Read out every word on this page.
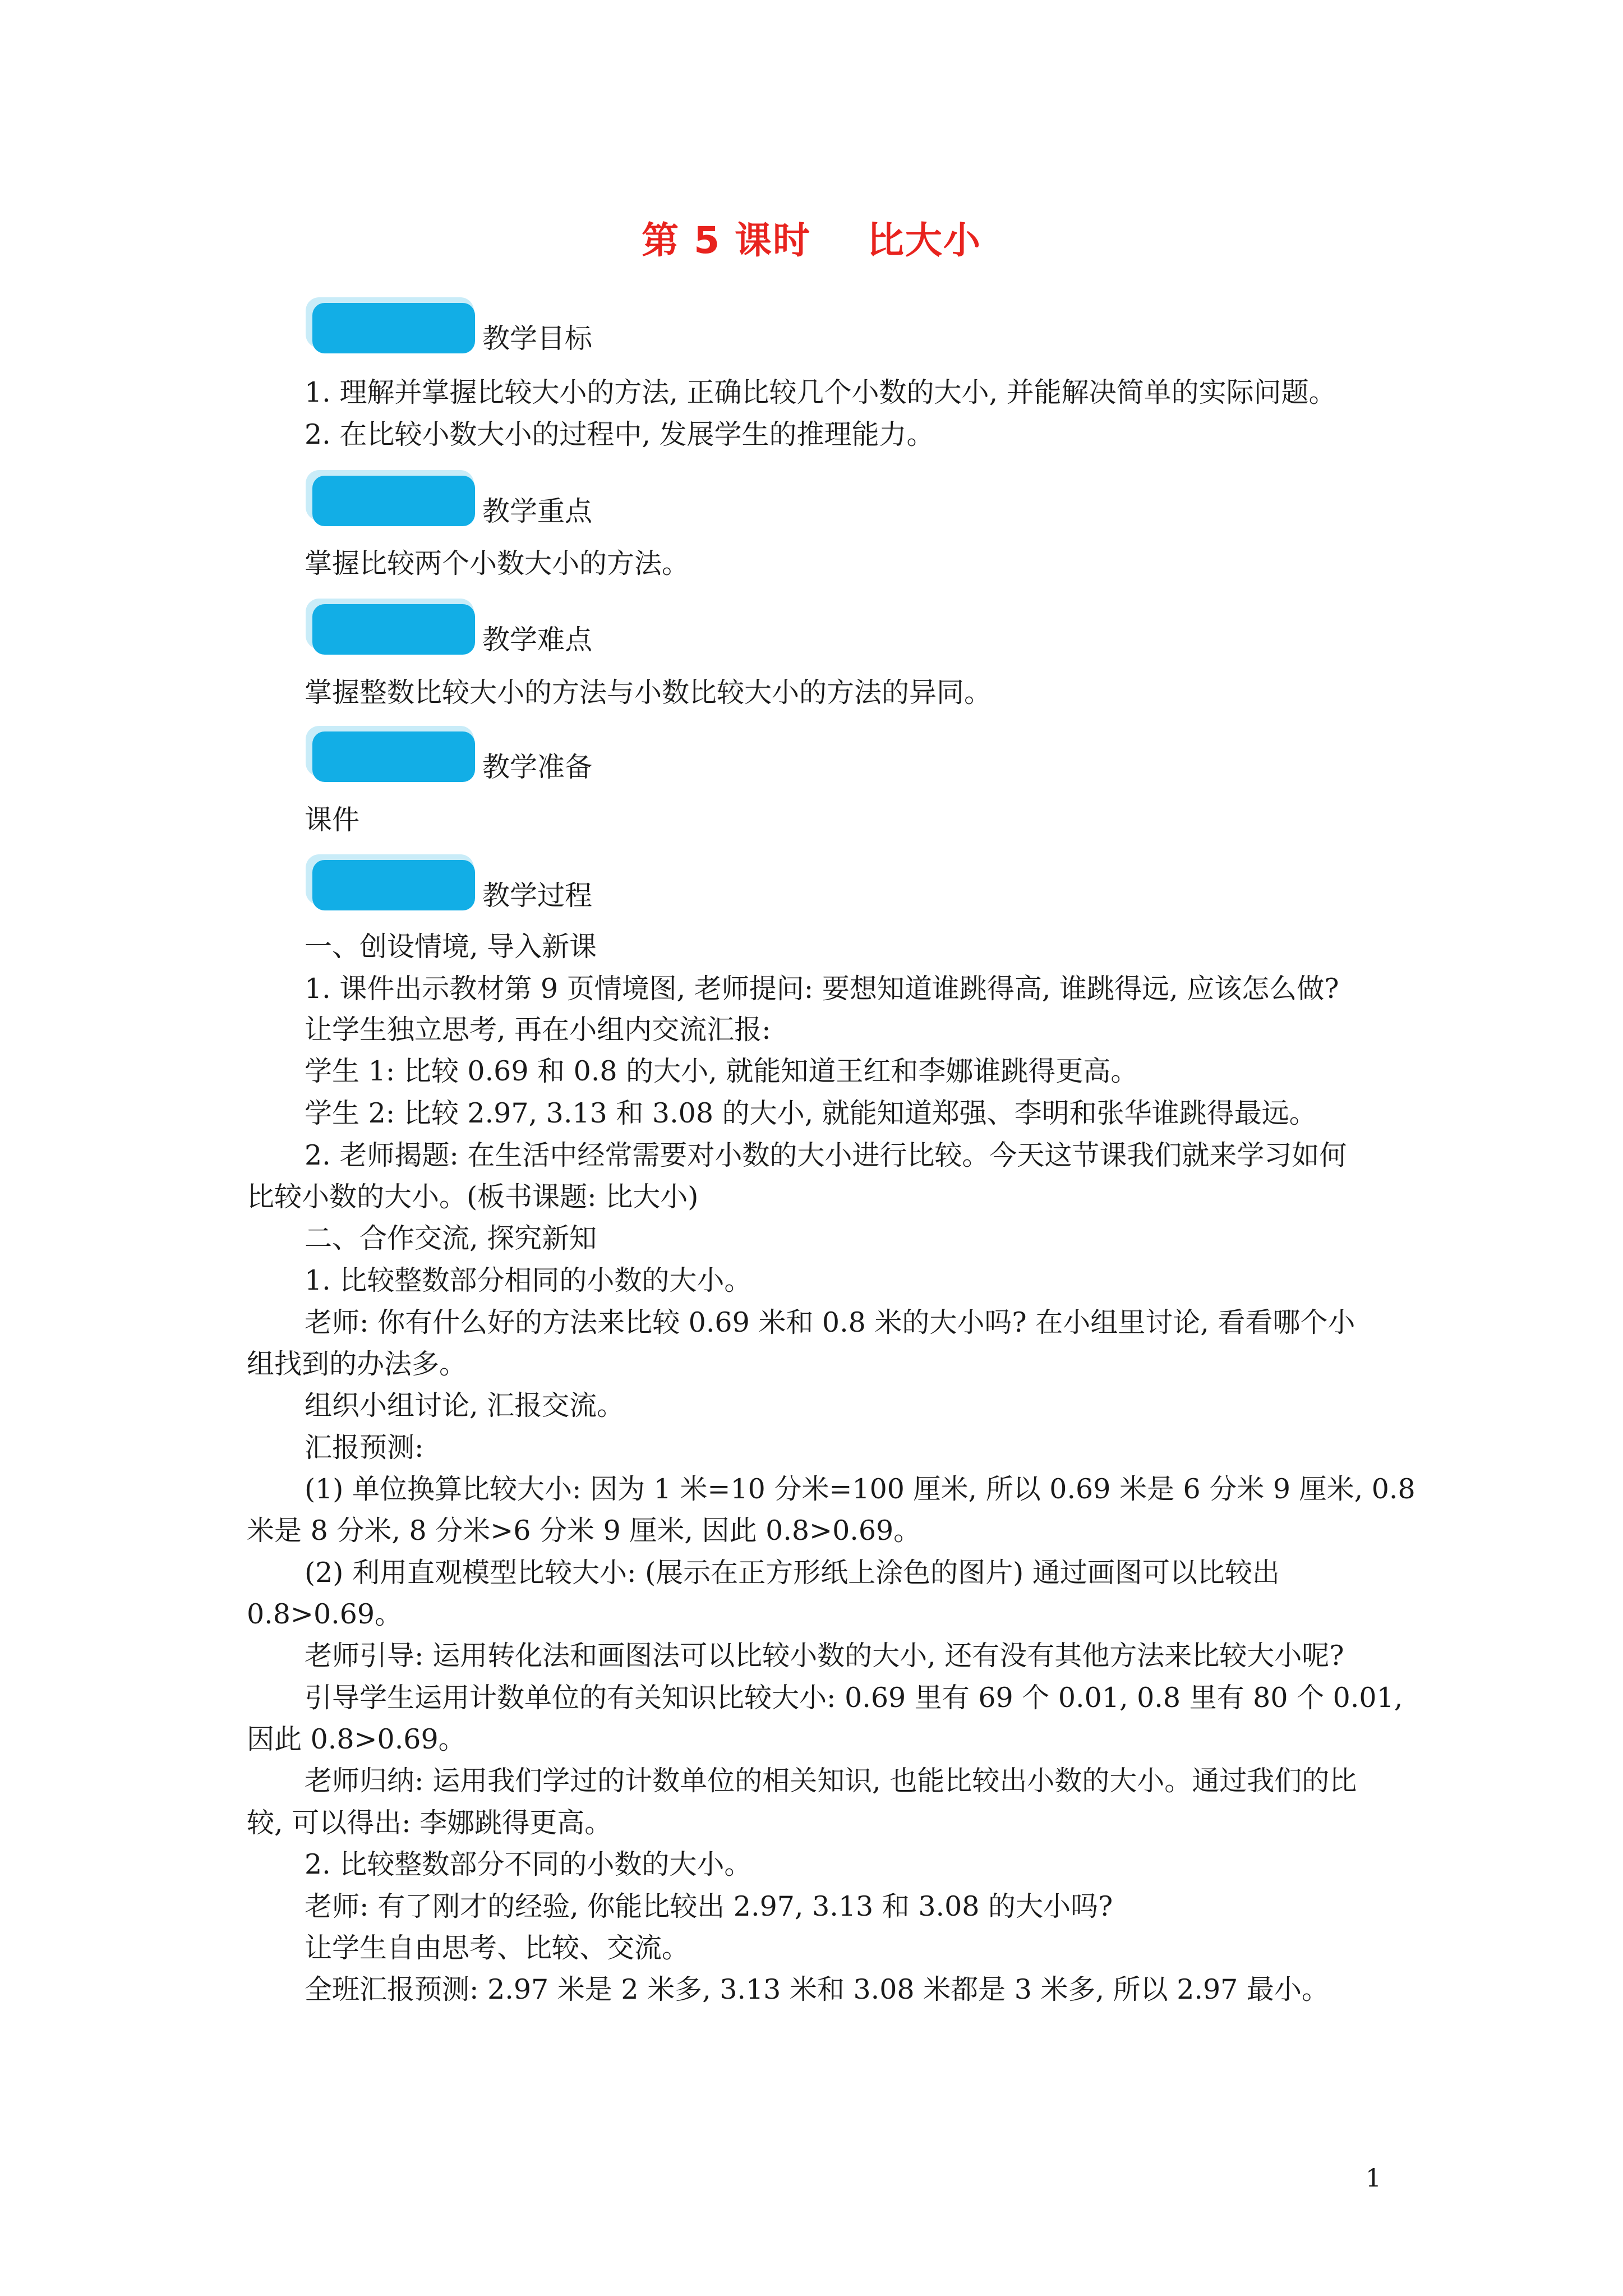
第 5 课时    比大小
教学目标
1. 理解并掌握比较大小的方法, 正确比较几个小数的大小, 并能解决简单的实际问题。
2. 在比较小数大小的过程中, 发展学生的推理能力。
教学重点
掌握比较两个小数大小的方法。
教学难点
掌握整数比较大小的方法与小数比较大小的方法的异同。
教学准备
课件
教学过程
一、创设情境, 导入新课
1. 课件出示教材第 9 页情境图, 老师提问: 要想知道谁跳得高, 谁跳得远, 应该怎么做?
让学生独立思考, 再在小组内交流汇报:
学生 1: 比较 0.69 和 0.8 的大小, 就能知道王红和李娜谁跳得更高。
学生 2: 比较 2.97, 3.13 和 3.08 的大小, 就能知道郑强、李明和张华谁跳得最远。
2. 老师揭题: 在生活中经常需要对小数的大小进行比较。今天这节课我们就来学习如何
比较小数的大小。(板书课题: 比大小)
二、合作交流, 探究新知
1. 比较整数部分相同的小数的大小。
老师: 你有什么好的方法来比较 0.69 米和 0.8 米的大小吗? 在小组里讨论, 看看哪个小
组找到的办法多。
组织小组讨论, 汇报交流。
汇报预测:
(1) 单位换算比较大小: 因为 1 米=10 分米=100 厘米, 所以 0.69 米是 6 分米 9 厘米, 0.8
米是 8 分米, 8 分米>6 分米 9 厘米, 因此 0.8>0.69。
(2) 利用直观模型比较大小: (展示在正方形纸上涂色的图片) 通过画图可以比较出
0.8>0.69。
老师引导: 运用转化法和画图法可以比较小数的大小, 还有没有其他方法来比较大小呢?
引导学生运用计数单位的有关知识比较大小: 0.69 里有 69 个 0.01, 0.8 里有 80 个 0.01,
因此 0.8>0.69。
老师归纳: 运用我们学过的计数单位的相关知识, 也能比较出小数的大小。通过我们的比
较, 可以得出: 李娜跳得更高。
2. 比较整数部分不同的小数的大小。
老师: 有了刚才的经验, 你能比较出 2.97, 3.13 和 3.08 的大小吗?
让学生自由思考、比较、交流。
全班汇报预测: 2.97 米是 2 米多, 3.13 米和 3.08 米都是 3 米多, 所以 2.97 最小。
1
